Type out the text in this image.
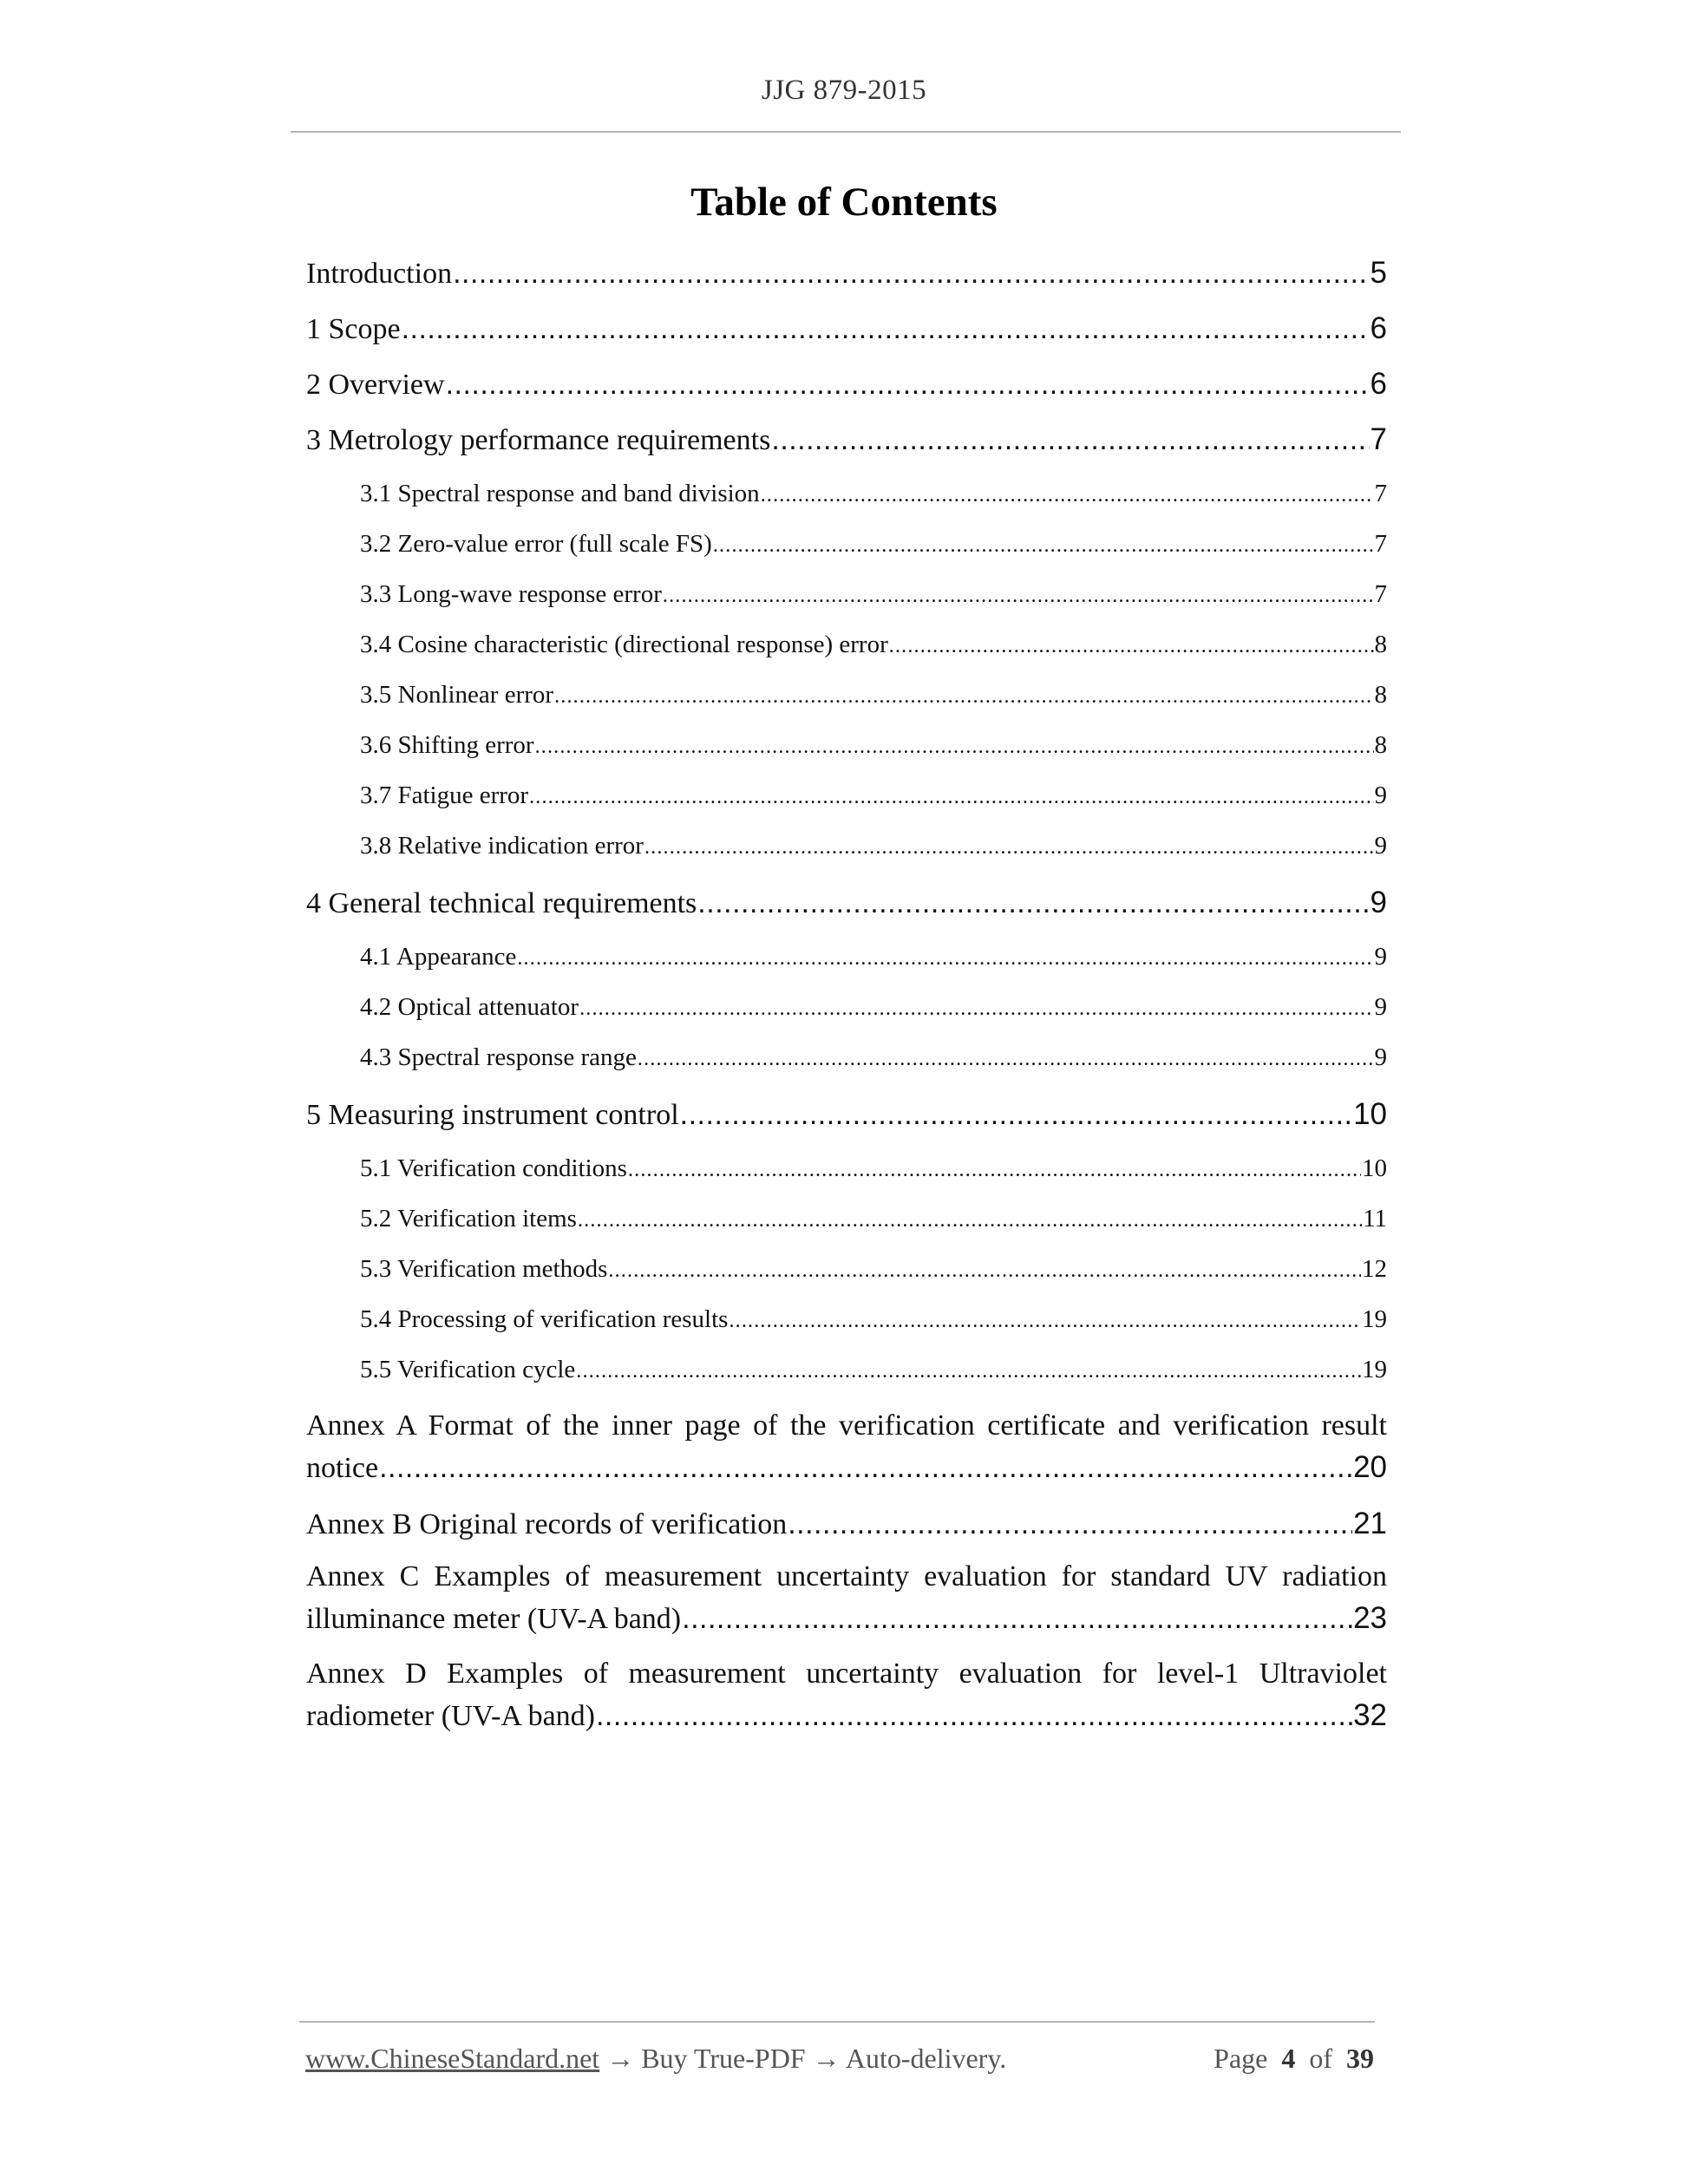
JJG 879-2015
Table of Contents
Introduction .....	5
1 Scope .....	6
2 Overview .....	6
3 Metrology performance requirements .....	7
3.1 Spectral response and band division .....	7
3.2 Zero-value error (full scale FS) .....	7
3.3 Long-wave response error .....	7
3.4 Cosine characteristic (directional response) error .....	8
3.5 Nonlinear error .....	8
3.6 Shifting error .....	8
3.7 Fatigue error .....	9
3.8 Relative indication error .....	9
4 General technical requirements .....	9
4.1 Appearance .....	9
4.2 Optical attenuator .....	9
4.3 Spectral response range .....	9
5 Measuring instrument control .....	10
5.1 Verification conditions .....	10
5.2 Verification items .....	11
5.3 Verification methods .....	12
5.4 Processing of verification results .....	19
5.5 Verification cycle .....	19
Annex A Format of the inner page of the verification certificate and verification result
notice .....	20
Annex B Original records of verification .....	21
Annex C Examples of measurement uncertainty evaluation for standard UV radiation
illuminance meter (UV-A band) .....	23
Annex D Examples of measurement uncertainty evaluation for level-1 Ultraviolet
radiometer (UV-A band) .....	32
www.ChineseStandard.net → Buy True-PDF → Auto-delivery.	Page 4 of 39
